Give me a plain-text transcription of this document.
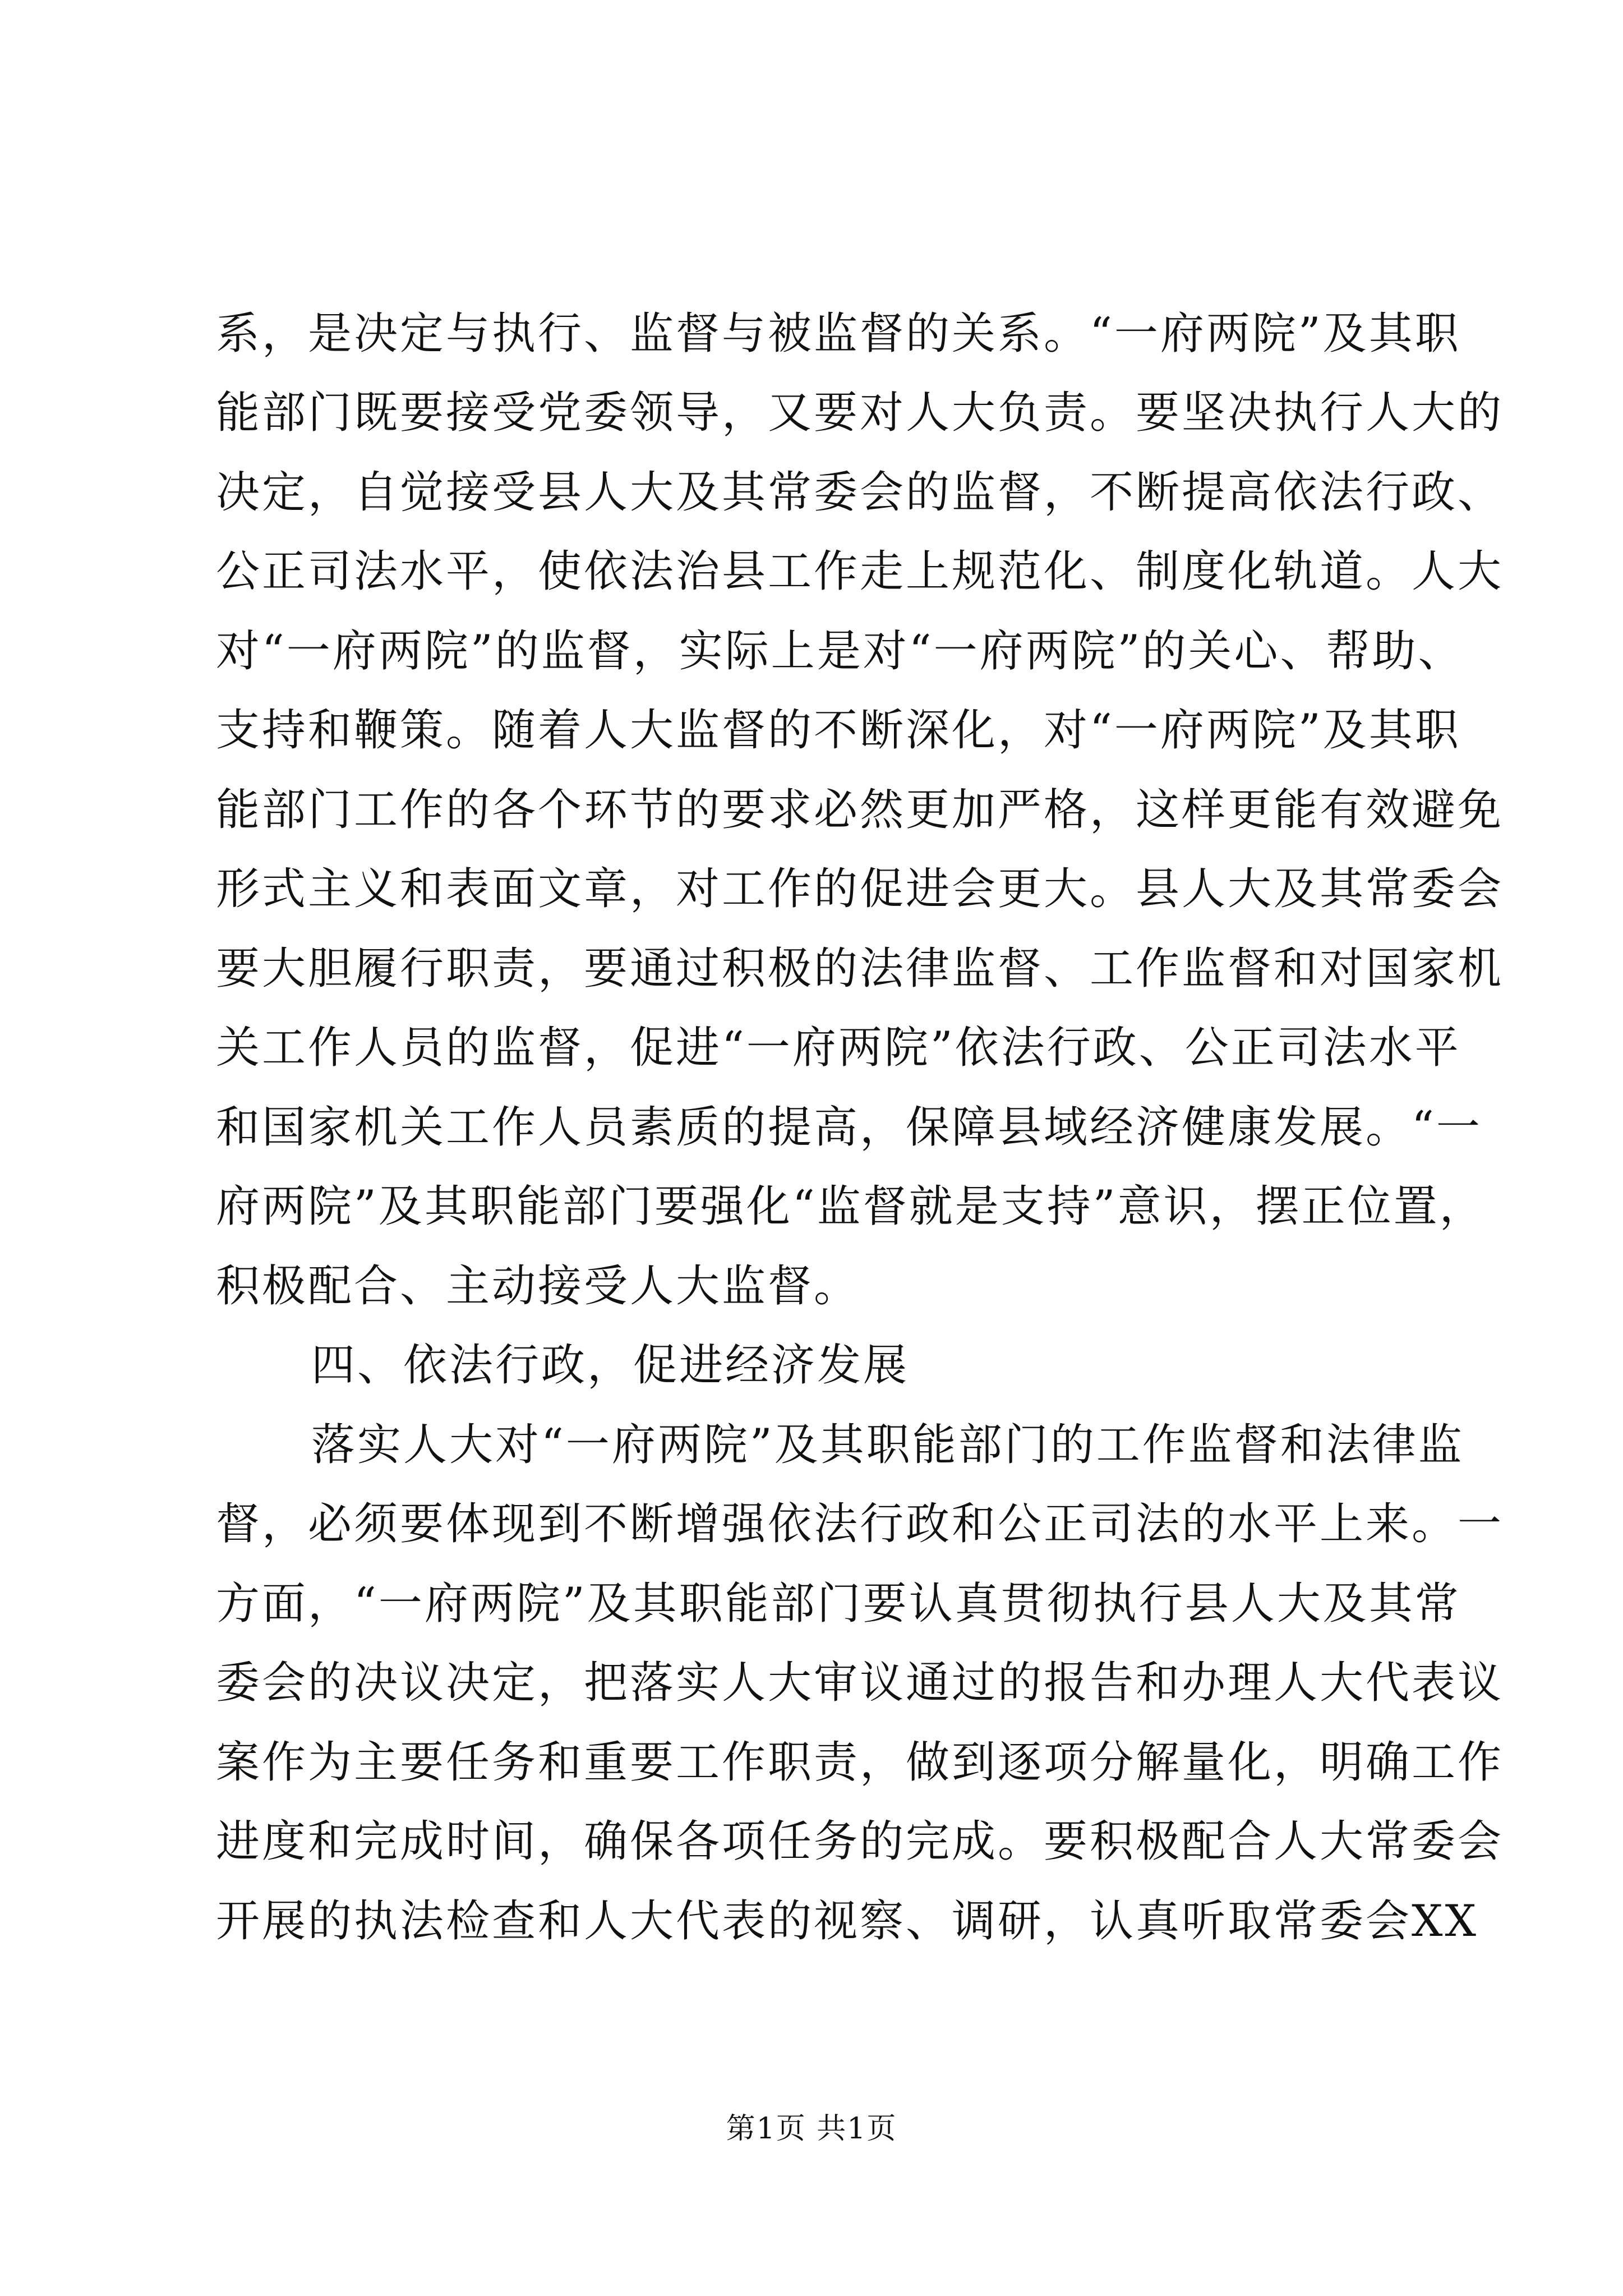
系，是决定与执行、监督与被监督的关系。“一府两院”及其职
能部门既要接受党委领导，又要对人大负责。要坚决执行人大的
决定，自觉接受县人大及其常委会的监督，不断提高依法行政、
公正司法水平，使依法治县工作走上规范化、制度化轨道。人大
对“一府两院”的监督，实际上是对“一府两院”的关心、帮助、
支持和鞭策。随着人大监督的不断深化，对“一府两院”及其职
能部门工作的各个环节的要求必然更加严格，这样更能有效避免
形式主义和表面文章，对工作的促进会更大。县人大及其常委会
要大胆履行职责，要通过积极的法律监督、工作监督和对国家机
关工作人员的监督，促进“一府两院”依法行政、公正司法水平
和国家机关工作人员素质的提高，保障县域经济健康发展。“一
府两院”及其职能部门要强化“监督就是支持”意识，摆正位置，
积极配合、主动接受人大监督。
四、依法行政，促进经济发展
落实人大对“一府两院”及其职能部门的工作监督和法律监
督，必须要体现到不断增强依法行政和公正司法的水平上来。一
方面，“一府两院”及其职能部门要认真贯彻执行县人大及其常
委会的决议决定，把落实人大审议通过的报告和办理人大代表议
案作为主要任务和重要工作职责，做到逐项分解量化，明确工作
进度和完成时间，确保各项任务的完成。要积极配合人大常委会
开展的执法检查和人大代表的视察、调研，认真听取常委会XX
第1页 共1页
